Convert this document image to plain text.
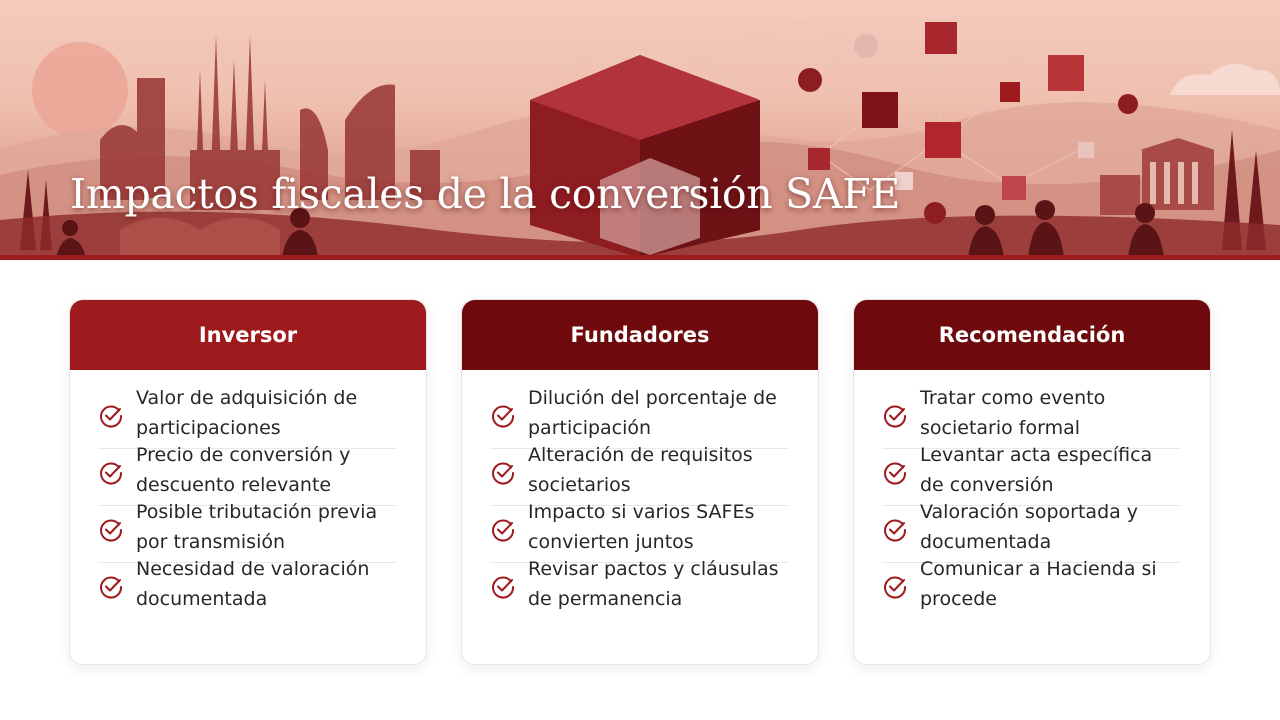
Impactos fiscales de la conversión SAFE
Inversor
Valor de adquisición de participaciones
Precio de conversión y descuento relevante
Posible tributación previa por transmisión
Necesidad de valoración documentada
Fundadores
Dilución del porcentaje de participación
Alteración de requisitos societarios
Impacto si varios SAFEs convierten juntos
Revisar pactos y cláusulas de permanencia
Recomendación
Tratar como evento societario formal
Levantar acta específica de conversión
Valoración soportada y documentada
Comunicar a Hacienda si procede
